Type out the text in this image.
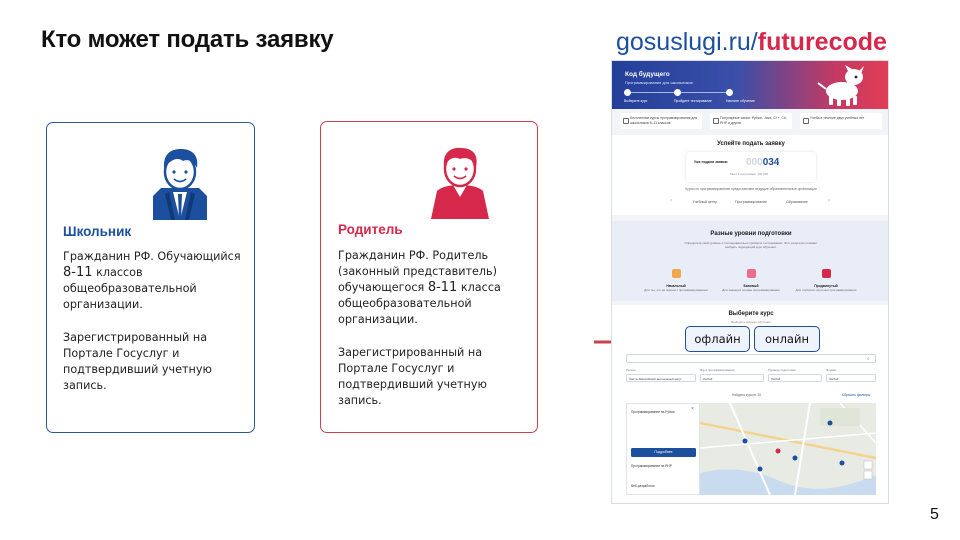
Кто может подать заявку	gosuslugi.ru/futurecode
Школьник
Гражданин РФ. Обучающийся
8-11 классов общеобразовательной организации.
Зарегистрированный на Портале Госуслуг и подтвердивший учетную запись.
Родитель
Гражданин РФ. Родитель (законный представитель) обучающегося 8-11 класса общеобразовательной организации.
Зарегистрированный на Портале Госуслуг и подтвердивший учетную запись.
Код будущего
Программирование для школьников
Выберите курс	Пройдите тестирование	Начните обучение
Бесплатные курсы программирования для школьников 8–11 классов
Популярные языки: Python, Java, C++, C#, PHP и другие
Учеба в течение двух учебных лет
Успейте подать заявку
Уже подали заявки: 000034
Мест в программе: 100 000
Курсы по программированию предоставляют ведущие образовательные организации
‹	Учебный центр	Программирование	Образование	›
Разные уровни подготовки
Определите свой уровень и последовательно пройдите тестирование. Этот результат поможет выбрать подходящий курс обучения.
Начальный
Для тех, кто не знаком с программированием
Базовый
Для знающих основы программирования
Продвинутый
Для глубокого изучения программирования
Выберите курс
Выберите формат обучения
⌕
Регион	Язык программирования	Уровень подготовки	Формат
Ханты-Мансийский автономный округ	Любой	Любой	Любой
Найдено курсов: 25	Сбросить фильтры
×
Программирование на Python
Подробнее
Программирование на PHP
Веб-разработка
офлайн	онлайн
5
